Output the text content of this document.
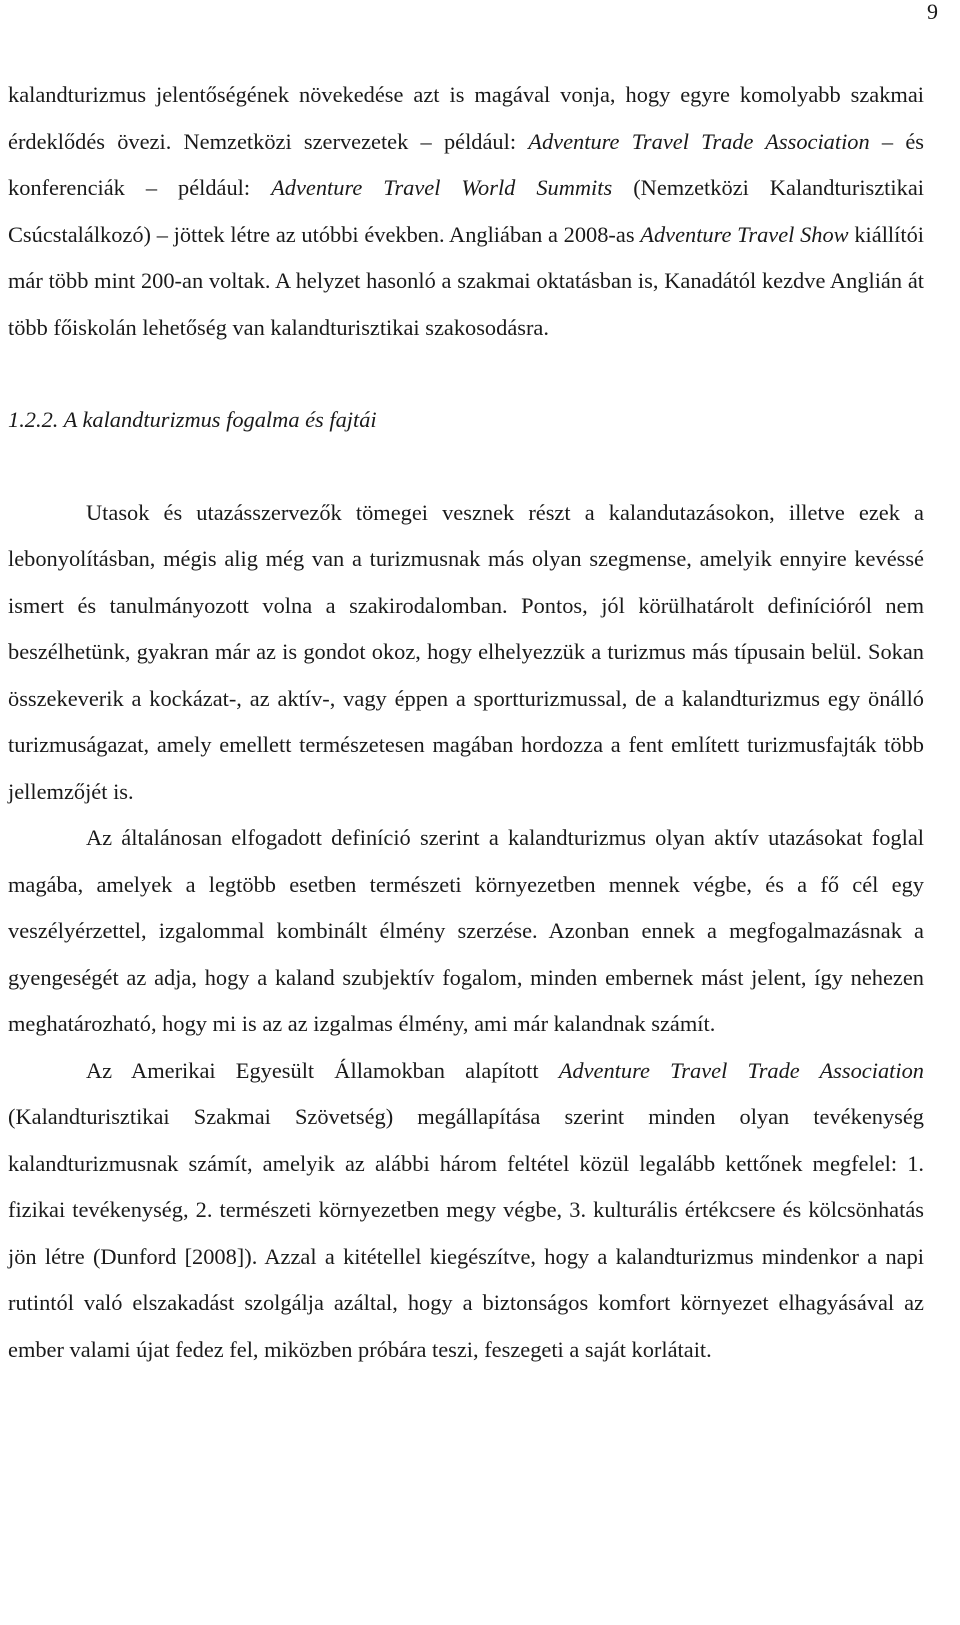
9

kalandturizmus jelentőségének növekedése azt is magával vonja, hogy egyre komolyabb szakmai érdeklődés övezi. Nemzetközi szervezetek – például: Adventure Travel Trade Association – és konferenciák – például: Adventure Travel World Summits (Nemzetközi Kalandturisztikai Csúcstalálkozó) – jöttek létre az utóbbi években. Angliában a 2008-as Adventure Travel Show kiállítói már több mint 200-an voltak. A helyzet hasonló a szakmai oktatásban is, Kanadától kezdve Anglián át több főiskolán lehetőség van kalandturisztikai szakosodásra.

1.2.2. A kalandturizmus fogalma és fajtái

Utasok és utazásszervezők tömegei vesznek részt a kalandutazásokon, illetve ezek a lebonyolításban, mégis alig még van a turizmusnak más olyan szegmense, amelyik ennyire kevéssé ismert és tanulmányozott volna a szakirodalomban. Pontos, jól körülhatárolt definícióról nem beszélhetünk, gyakran már az is gondot okoz, hogy elhelyezzük a turizmus más típusain belül. Sokan összekeverik a kockázat-, az aktív-, vagy éppen a sportturizmussal, de a kalandturizmus egy önálló turizmuságazat, amely emellett természetesen magában hordozza a fent említett turizmusfajták több jellemzőjét is.

Az általánosan elfogadott definíció szerint a kalandturizmus olyan aktív utazásokat foglal magába, amelyek a legtöbb esetben természeti környezetben mennek végbe, és a fő cél egy veszélyérzettel, izgalommal kombinált élmény szerzése. Azonban ennek a megfogalmazásnak a gyengeségét az adja, hogy a kaland szubjektív fogalom, minden embernek mást jelent, így nehezen meghatározható, hogy mi is az az izgalmas élmény, ami már kalandnak számít.

Az Amerikai Egyesült Államokban alapított Adventure Travel Trade Association (Kalandturisztikai Szakmai Szövetség) megállapítása szerint minden olyan tevékenység kalandturizmusnak számít, amelyik az alábbi három feltétel közül legalább kettőnek megfelel: 1. fizikai tevékenység, 2. természeti környezetben megy végbe, 3. kulturális értékcsere és kölcsönhatás jön létre (Dunford [2008]). Azzal a kitétellel kiegészítve, hogy a kalandturizmus mindenkor a napi rutintól való elszakadást szolgálja azáltal, hogy a biztonságos komfort környezet elhagyásával az ember valami újat fedez fel, miközben próbára teszi, feszegeti a saját korlátait.
